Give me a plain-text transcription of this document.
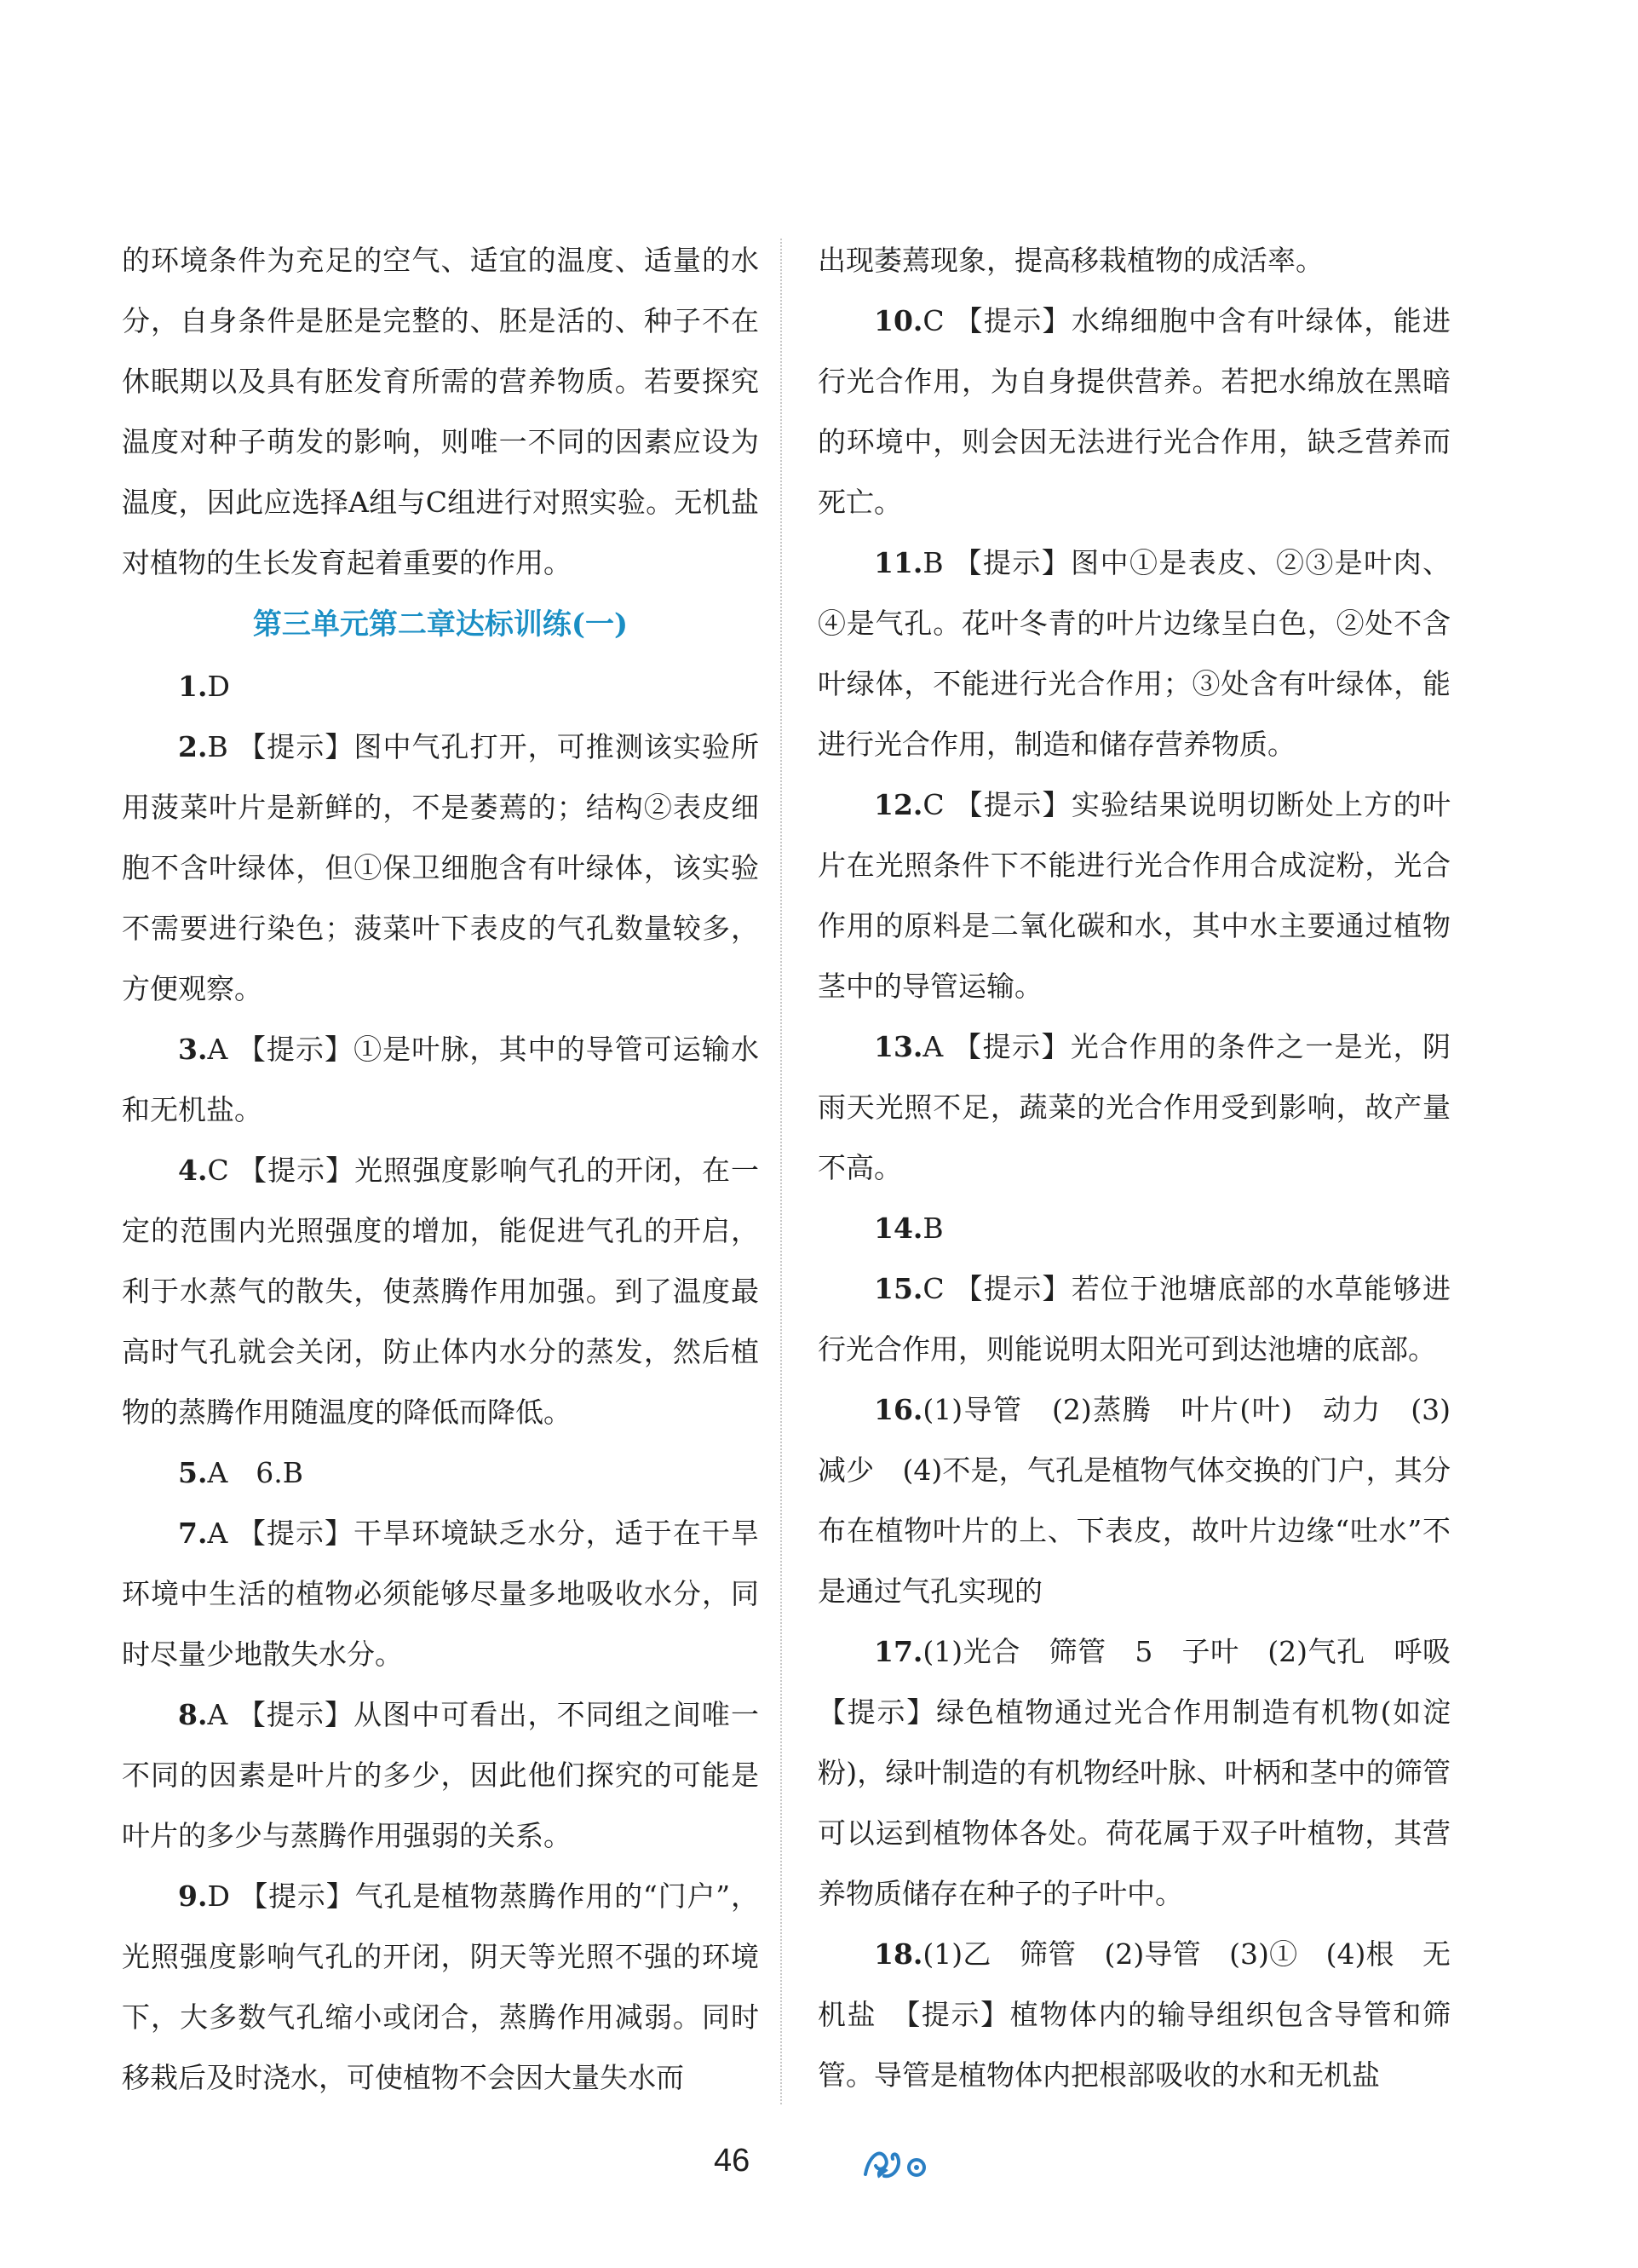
的环境条件为充足的空气、适宜的温度、适量的水分，自身条件是胚是完整的、胚是活的、种子不在休眠期以及具有胚发育所需的营养物质。若要探究温度对种子萌发的影响，则唯一不同的因素应设为温度，因此应选择A组与C组进行对照实验。无机盐对植物的生长发育起着重要的作用。

第三单元第二章达标训练(一)

1.D

2.B 【提示】图中气孔打开，可推测该实验所用菠菜叶片是新鲜的，不是萎蔫的；结构②表皮细胞不含叶绿体，但①保卫细胞含有叶绿体，该实验不需要进行染色；菠菜叶下表皮的气孔数量较多，方便观察。

3.A 【提示】①是叶脉，其中的导管可运输水和无机盐。

4.C 【提示】光照强度影响气孔的开闭，在一定的范围内光照强度的增加，能促进气孔的开启，利于水蒸气的散失，使蒸腾作用加强。到了温度最高时气孔就会关闭，防止体内水分的蒸发，然后植物的蒸腾作用随温度的降低而降低。

5.A　6.B

7.A 【提示】干旱环境缺乏水分，适于在干旱环境中生活的植物必须能够尽量多地吸收水分，同时尽量少地散失水分。

8.A 【提示】从图中可看出，不同组之间唯一不同的因素是叶片的多少，因此他们探究的可能是叶片的多少与蒸腾作用强弱的关系。

9.D 【提示】气孔是植物蒸腾作用的“门户”，光照强度影响气孔的开闭，阴天等光照不强的环境下，大多数气孔缩小或闭合，蒸腾作用减弱。同时移栽后及时浇水，可使植物不会因大量失水而

出现萎蔫现象，提高移栽植物的成活率。

10.C 【提示】水绵细胞中含有叶绿体，能进行光合作用，为自身提供营养。若把水绵放在黑暗的环境中，则会因无法进行光合作用，缺乏营养而死亡。

11.B 【提示】图中①是表皮、②③是叶肉、④是气孔。花叶冬青的叶片边缘呈白色，②处不含叶绿体，不能进行光合作用；③处含有叶绿体，能进行光合作用，制造和储存营养物质。

12.C 【提示】实验结果说明切断处上方的叶片在光照条件下不能进行光合作用合成淀粉，光合作用的原料是二氧化碳和水，其中水主要通过植物茎中的导管运输。

13.A 【提示】光合作用的条件之一是光，阴雨天光照不足，蔬菜的光合作用受到影响，故产量不高。

14.B

15.C 【提示】若位于池塘底部的水草能够进行光合作用，则能说明太阳光可到达池塘的底部。

16.(1)导管　(2)蒸腾　叶片(叶)　动力　(3)减少　(4)不是，气孔是植物气体交换的门户，其分布在植物叶片的上、下表皮，故叶片边缘“吐水”不是通过气孔实现的

17.(1)光合　筛管　5　子叶　(2)气孔　呼吸　【提示】绿色植物通过光合作用制造有机物(如淀粉)，绿叶制造的有机物经叶脉、叶柄和茎中的筛管可以运到植物体各处。荷花属于双子叶植物，其营养物质储存在种子的子叶中。

18.(1)乙　筛管　(2)导管　(3)①　(4)根　无机盐　【提示】植物体内的输导组织包含导管和筛管。导管是植物体内把根部吸收的水和无机盐

46
